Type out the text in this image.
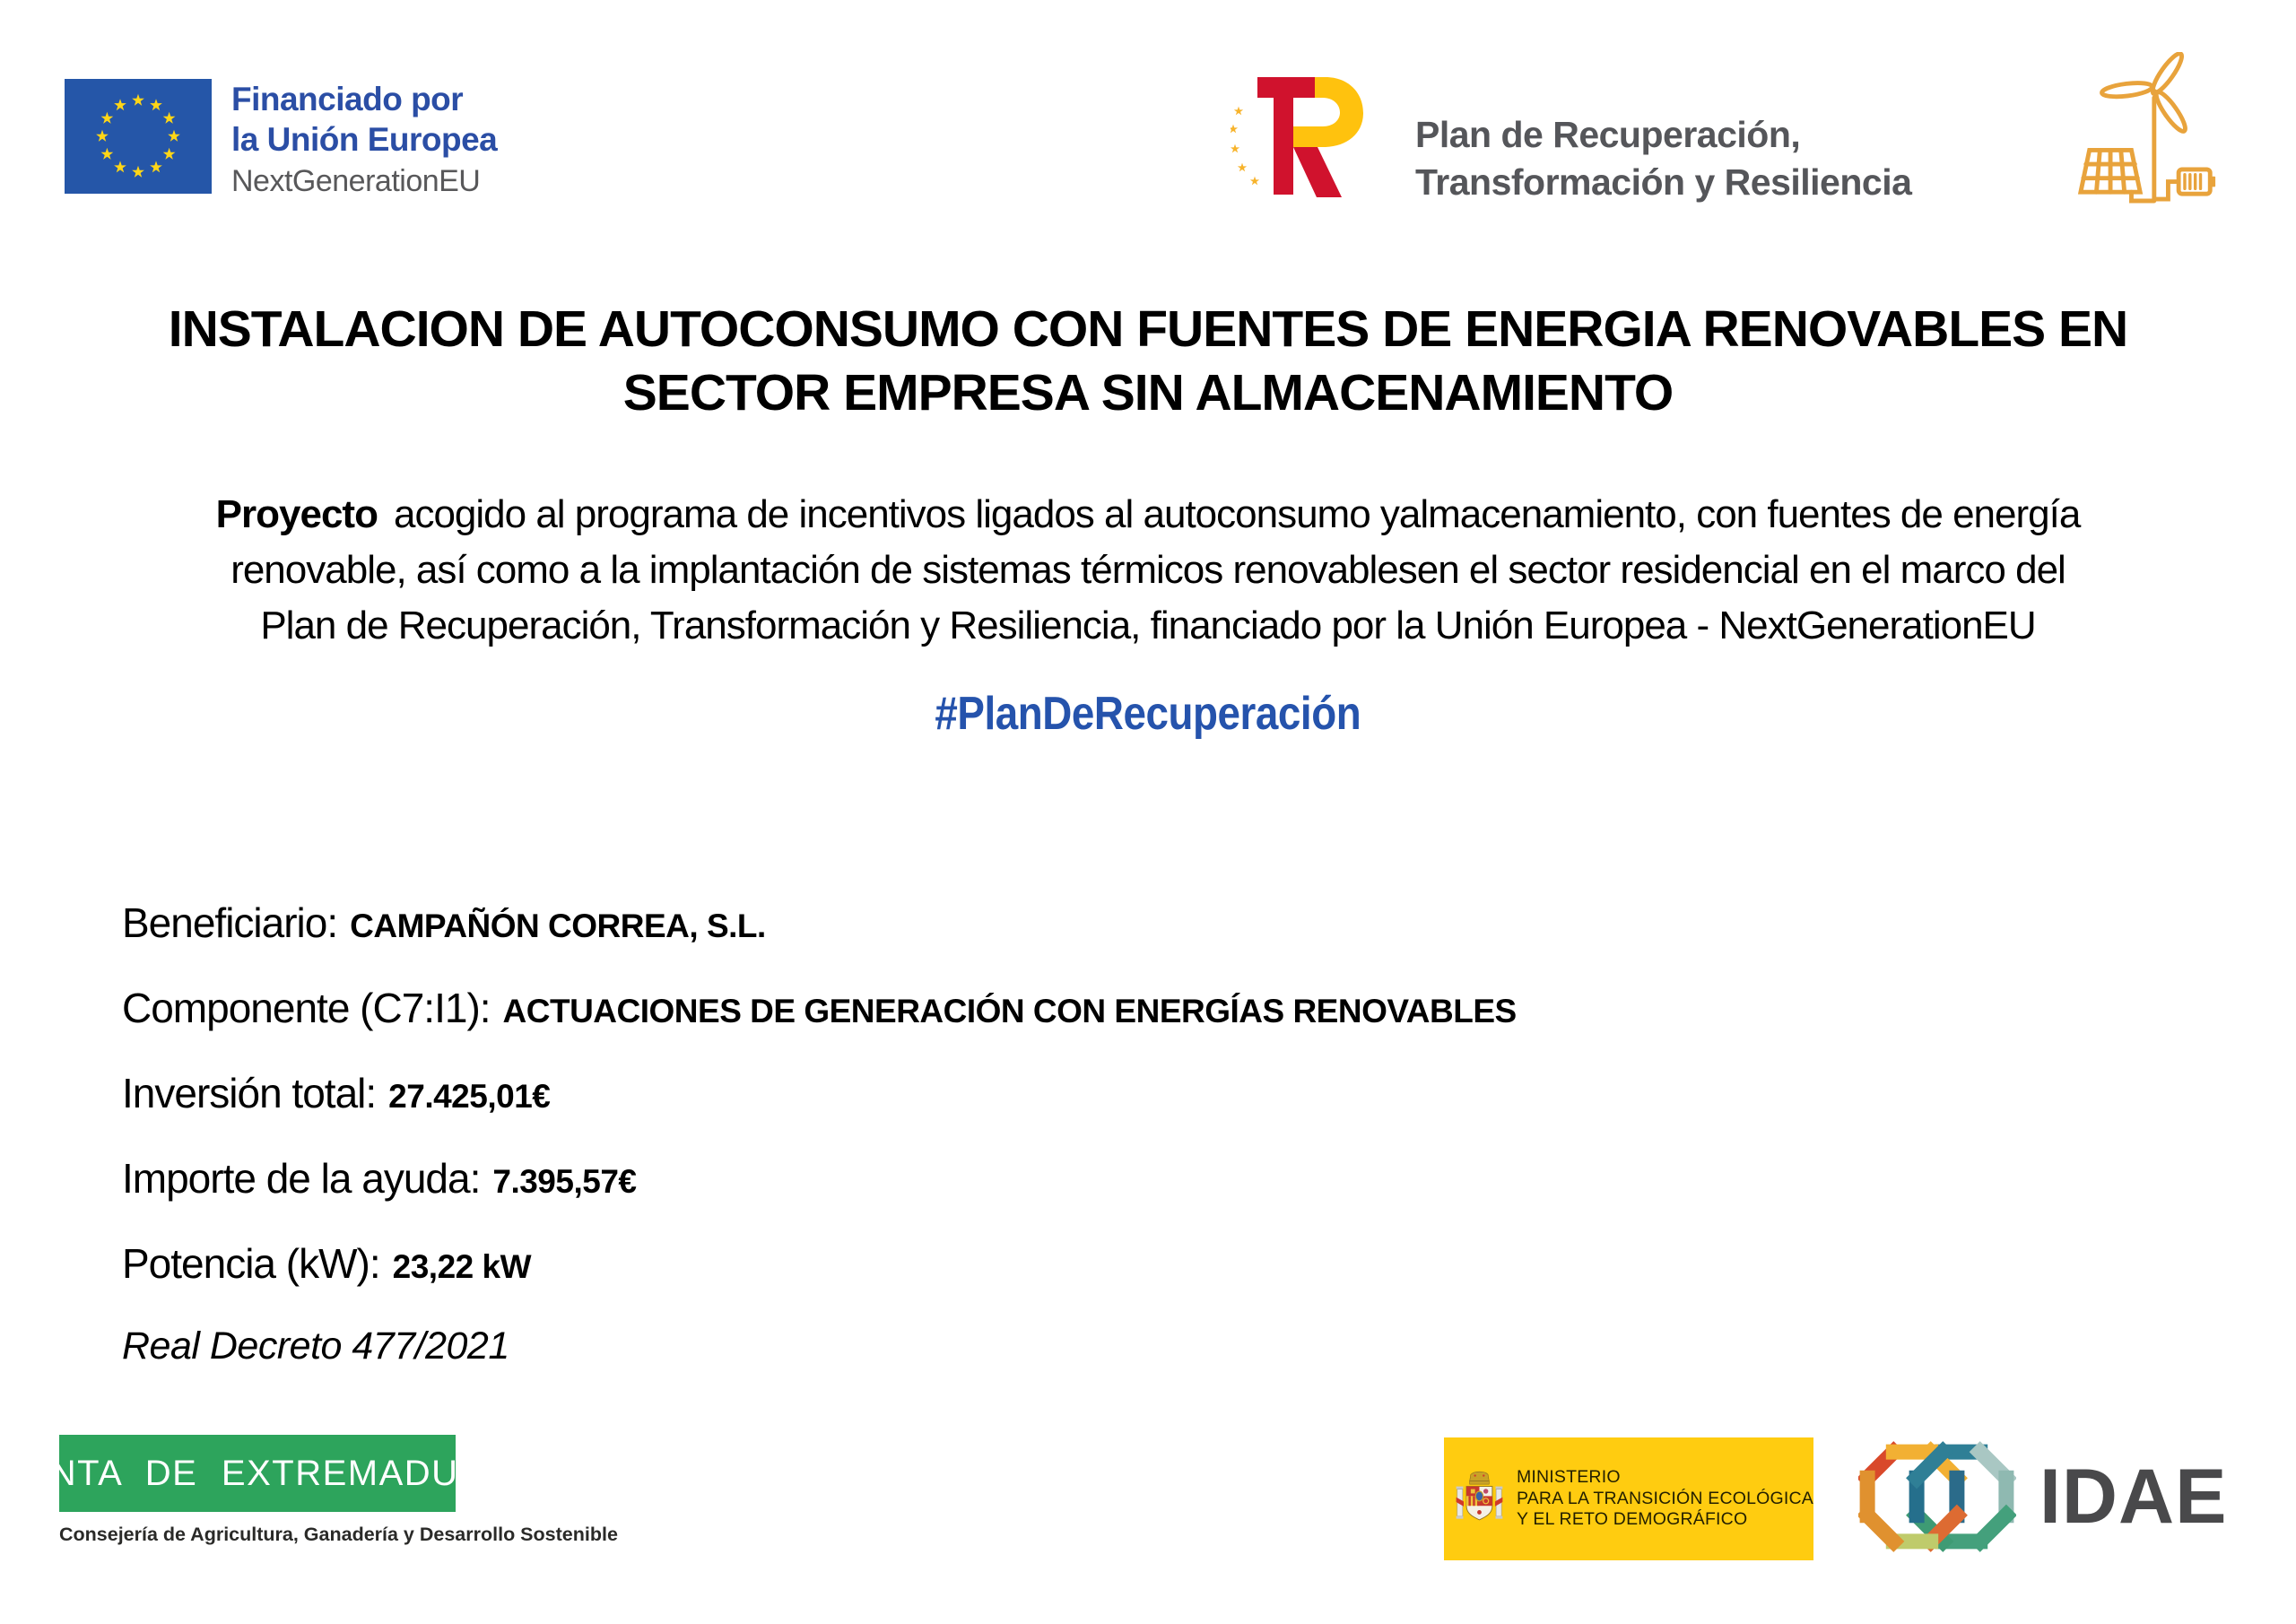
Financiado por
la Unión Europea
NextGenerationEU
Plan de Recuperación,
Transformación y Resiliencia
INSTALACION DE AUTOCONSUMO CON FUENTES DE ENERGIA RENOVABLES EN
SECTOR EMPRESA SIN ALMACENAMIENTO
Proyecto acogido al programa de incentivos ligados al autoconsumo yalmacenamiento, con fuentes de energía
renovable, así como a la implantación de sistemas térmicos renovablesen el sector residencial en el marco del
Plan de Recuperación, Transformación y Resiliencia, financiado por la Unión Europea - NextGenerationEU
#PlanDeRecuperación
Beneficiario: CAMPAÑÓN CORREA, S.L.
Componente (C7:I1): ACTUACIONES DE GENERACIÓN CON ENERGÍAS RENOVABLES
Inversión total: 27.425,01€
Importe de la ayuda: 7.395,57€
Potencia (kW): 23,22 kW
Real Decreto 477/2021
JUNTA DE EXTREMADURA
Consejería de Agricultura, Ganadería y Desarrollo Sostenible
MINISTERIO
PARA LA TRANSICIÓN ECOLÓGICA
Y EL RETO DEMOGRÁFICO	IDAE
